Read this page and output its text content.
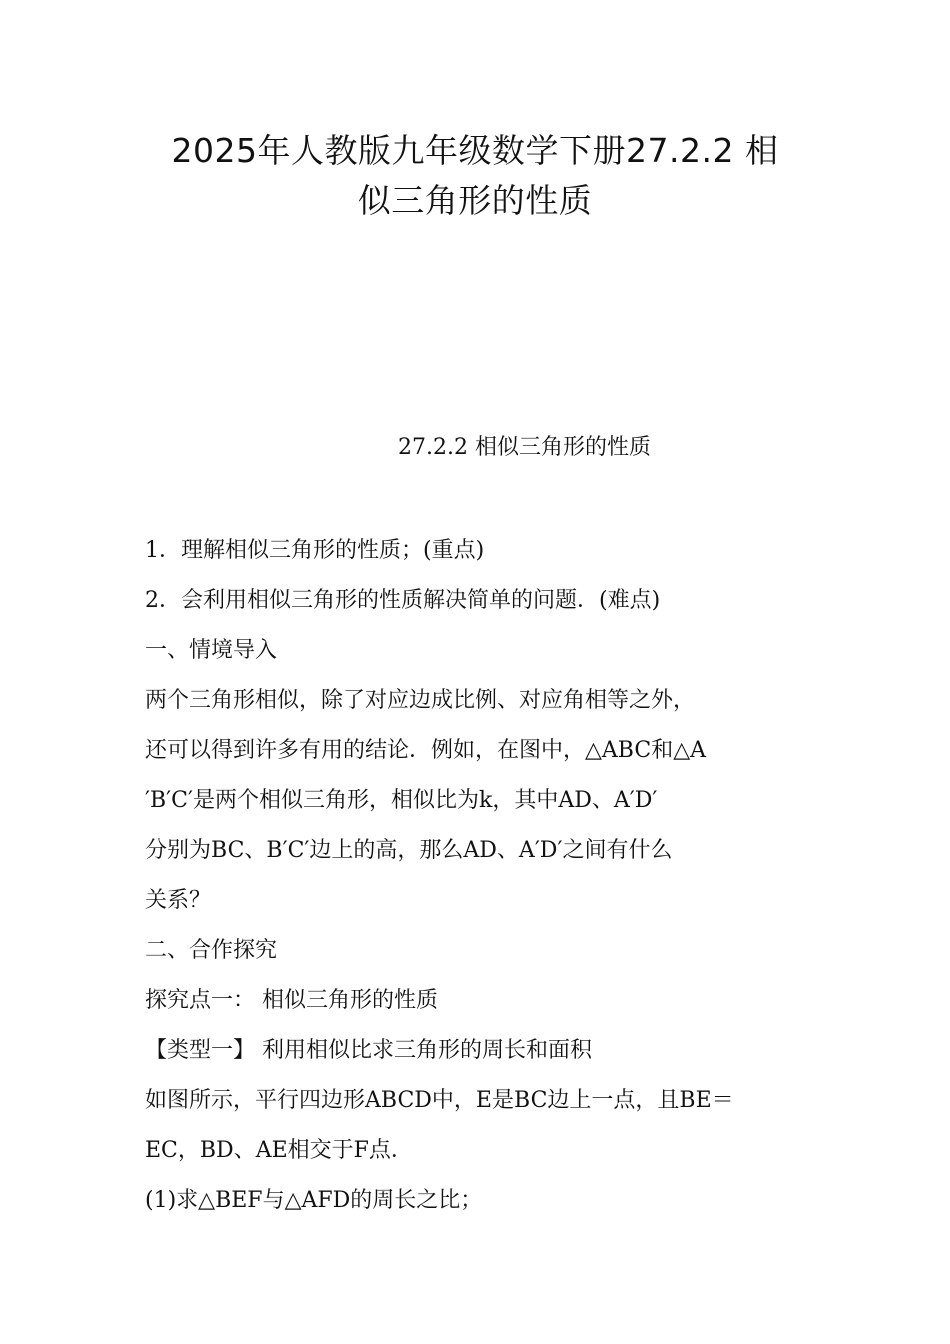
2025年人教版九年级数学下册27.2.2 相
似三角形的性质
27.2.2 相似三角形的性质
1．理解相似三角形的性质；(重点)
2．会利用相似三角形的性质解决简单的问题．(难点)
一、情境导入
两个三角形相似，除了对应边成比例、对应角相等之外，
还可以得到许多有用的结论．例如，在图中，△ABC和△A
′B′C′是两个相似三角形，相似比为k，其中AD、A′D′
分别为BC、B′C′边上的高，那么AD、A′D′之间有什么
关系？
二、合作探究
探究点一： 相似三角形的性质
【类型一】 利用相似比求三角形的周长和面积
如图所示，平行四边形ABCD中，E是BC边上一点，且BE＝
EC，BD、AE相交于F点．
(1)求△BEF与△AFD的周长之比；
